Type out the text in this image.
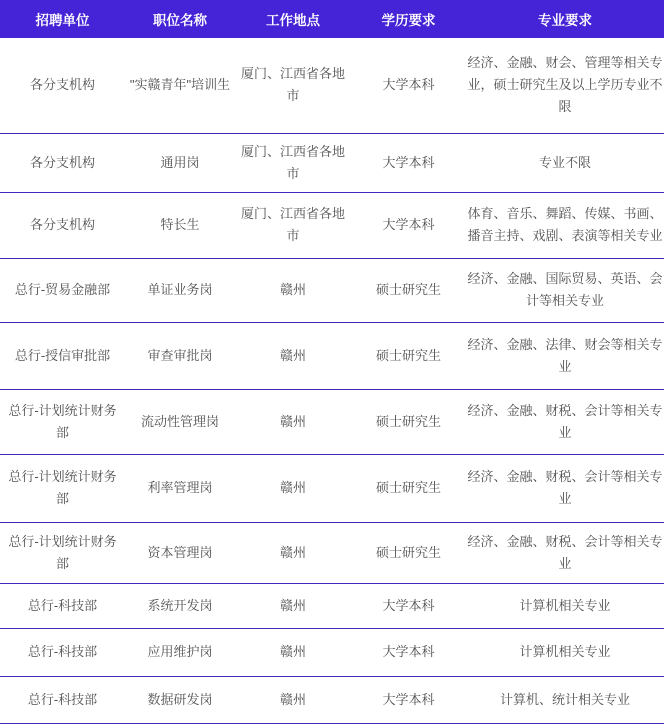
招聘单位	职位名称	工作地点	学历要求	专业要求
各分支机构	"实赣青年"培训生	厦门、江西省各地市	大学本科	经济、金融、财会、管理等相关专业，硕士研究生及以上学历专业不限
各分支机构	通用岗	厦门、江西省各地市	大学本科	专业不限
各分支机构	特长生	厦门、江西省各地市	大学本科	体育、音乐、舞蹈、传媒、书画、播音主持、戏剧、表演等相关专业
总行-贸易金融部	单证业务岗	赣州	硕士研究生	经济、金融、国际贸易、英语、会计等相关专业
总行-授信审批部	审查审批岗	赣州	硕士研究生	经济、金融、法律、财会等相关专业
总行-计划统计财务部	流动性管理岗	赣州	硕士研究生	经济、金融、财税、会计等相关专业
总行-计划统计财务部	利率管理岗	赣州	硕士研究生	经济、金融、财税、会计等相关专业
总行-计划统计财务部	资本管理岗	赣州	硕士研究生	经济、金融、财税、会计等相关专业
总行-科技部	系统开发岗	赣州	大学本科	计算机相关专业
总行-科技部	应用维护岗	赣州	大学本科	计算机相关专业
总行-科技部	数据研发岗	赣州	大学本科	计算机、统计相关专业
